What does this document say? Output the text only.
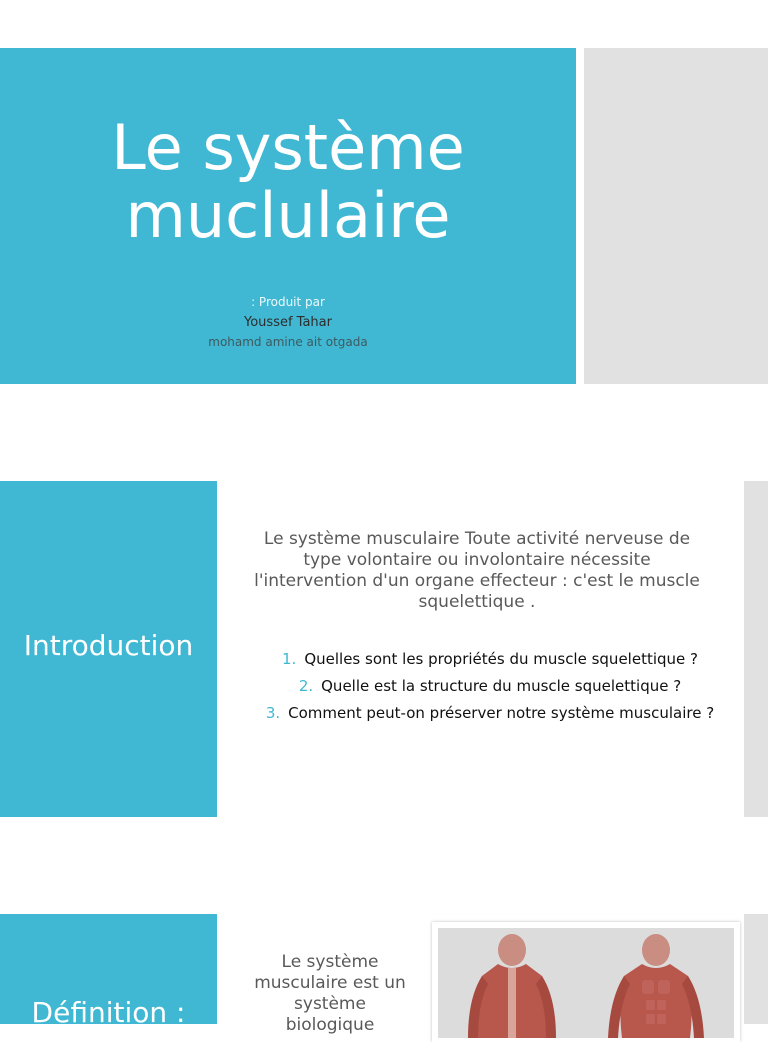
Le système muclulaire
: Produit par
Youssef Tahar
mohamd amine ait otgada
Introduction

Le système musculaire Toute activité nerveuse de type volontaire ou involontaire nécessite l'intervention d'un organe effecteur : c'est le muscle squelettique .

1. Quelles sont les propriétés du muscle squelettique ?
2. Quelle est la structure du muscle squelettique ?
3. Comment peut-on préserver notre système musculaire ?
Définition :

Le système musculaire est un système biologique
